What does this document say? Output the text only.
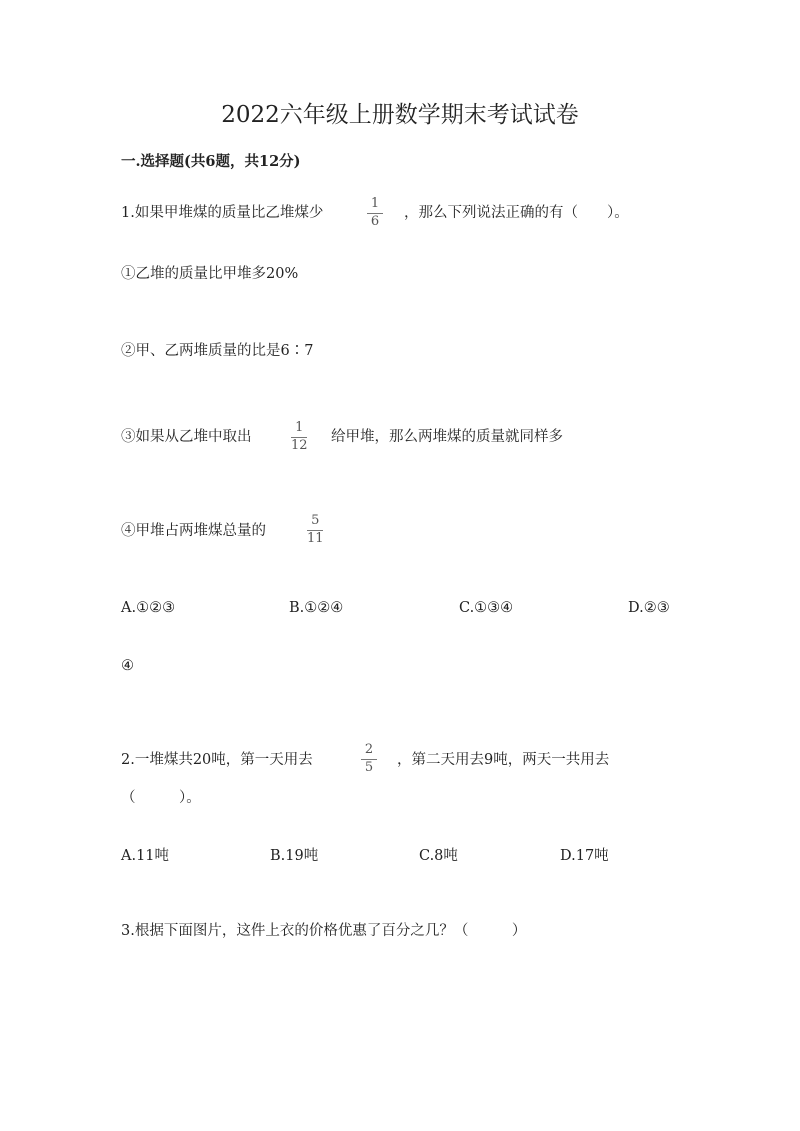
2022六年级上册数学期末考试试卷
一.选择题(共6题，共12分)
1.如果甲堆煤的质量比乙堆煤少
1
6
，那么下列说法正确的有（　　）。
①乙堆的质量比甲堆多20%
②甲、乙两堆质量的比是6∶7
③如果从乙堆中取出
1
12
给甲堆，那么两堆煤的质量就同样多
④甲堆占两堆煤总量的
5
11
A.①②③	B.①②④	C.①③④	D.②③
④
2.一堆煤共20吨，第一天用去
2
5 ，第二天用去9吨，两天一共用去
（　　　）。
A.11吨	B.19吨	C.8吨	D.17吨
3.根据下面图片，这件上衣的价格优惠了百分之几？（　　　）
